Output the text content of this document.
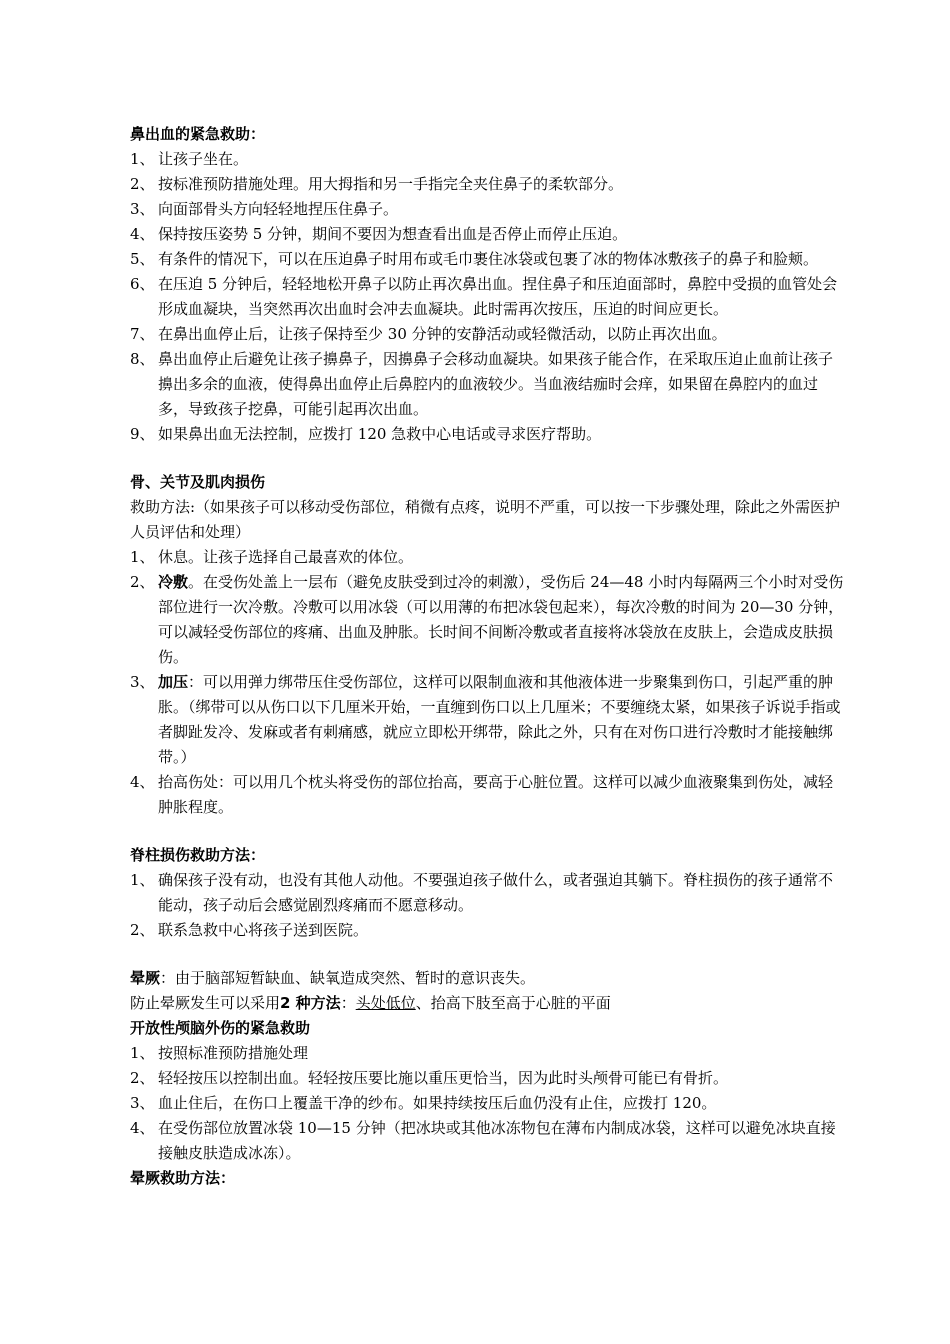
鼻出血的紧急救助：
1、 让孩子坐在。
2、 按标准预防措施处理。用大拇指和另一手指完全夹住鼻子的柔软部分。
3、 向面部骨头方向轻轻地捏压住鼻子。
4、 保持按压姿势 5 分钟，期间不要因为想查看出血是否停止而停止压迫。
5、 有条件的情况下，可以在压迫鼻子时用布或毛巾裹住冰袋或包裹了冰的物体冰敷孩子的鼻子和脸颊。
6、 在压迫 5 分钟后，轻轻地松开鼻子以防止再次鼻出血。捏住鼻子和压迫面部时，鼻腔中受损的血管处会形成血凝块，当突然再次出血时会冲去血凝块。此时需再次按压，压迫的时间应更长。
7、 在鼻出血停止后，让孩子保持至少 30 分钟的安静活动或轻微活动，以防止再次出血。
8、 鼻出血停止后避免让孩子擤鼻子，因擤鼻子会移动血凝块。如果孩子能合作，在采取压迫止血前让孩子擤出多余的血液，使得鼻出血停止后鼻腔内的血液较少。当血液结痂时会痒，如果留在鼻腔内的血过多，导致孩子挖鼻，可能引起再次出血。
9、 如果鼻出血无法控制，应拨打 120 急救中心电话或寻求医疗帮助。
骨、关节及肌肉损伤
救助方法:（如果孩子可以移动受伤部位，稍微有点疼，说明不严重，可以按一下步骤处理，除此之外需医护人员评估和处理）
1、 休息。让孩子选择自己最喜欢的体位。
2、 冷敷。在受伤处盖上一层布（避免皮肤受到过冷的刺激），受伤后 24—48 小时内每隔两三个小时对受伤部位进行一次冷敷。冷敷可以用冰袋（可以用薄的布把冰袋包起来），每次冷敷的时间为 20—30 分钟，可以减轻受伤部位的疼痛、出血及肿胀。长时间不间断冷敷或者直接将冰袋放在皮肤上，会造成皮肤损伤。
3、 加压：可以用弹力绑带压住受伤部位，这样可以限制血液和其他液体进一步聚集到伤口，引起严重的肿胀。（绑带可以从伤口以下几厘米开始，一直缠到伤口以上几厘米；不要缠绕太紧，如果孩子诉说手指或者脚趾发冷、发麻或者有刺痛感，就应立即松开绑带，除此之外，只有在对伤口进行冷敷时才能接触绑带。）
4、 抬高伤处：可以用几个枕头将受伤的部位抬高，要高于心脏位置。这样可以减少血液聚集到伤处，减轻肿胀程度。
脊柱损伤救助方法：
1、 确保孩子没有动，也没有其他人动他。不要强迫孩子做什么，或者强迫其躺下。脊柱损伤的孩子通常不能动，孩子动后会感觉剧烈疼痛而不愿意移动。
2、 联系急救中心将孩子送到医院。
晕厥：由于脑部短暂缺血、缺氧造成突然、暂时的意识丧失。
防止晕厥发生可以采用2 种方法：头处低位、抬高下肢至高于心脏的平面
开放性颅脑外伤的紧急救助
1、 按照标准预防措施处理
2、 轻轻按压以控制出血。轻轻按压要比施以重压更恰当，因为此时头颅骨可能已有骨折。
3、 血止住后，在伤口上覆盖干净的纱布。如果持续按压后血仍没有止住，应拨打 120。
4、 在受伤部位放置冰袋 10—15 分钟（把冰块或其他冰冻物包在薄布内制成冰袋，这样可以避免冰块直接接触皮肤造成冰冻）。
晕厥救助方法：
